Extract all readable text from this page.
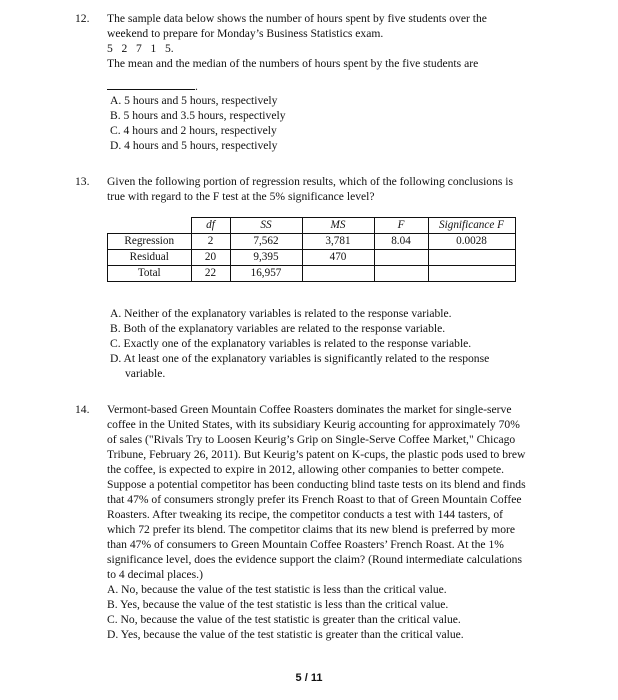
12. The sample data below shows the number of hours spent by five students over the
weekend to prepare for Monday’s Business Statistics exam.
5   2   7   1   5.
The mean and the median of the numbers of hours spent by the five students are
.
A. 5 hours and 5 hours, respectively
B. 5 hours and 3.5 hours, respectively
C. 4 hours and 2 hours, respectively
D. 4 hours and 5 hours, respectively
13. Given the following portion of regression results, which of the following conclusions is
true with regard to the F test at the 5% significance level?
	df	SS	MS	F	Significance F
Regression	2	7,562	3,781	8.04	0.0028
Residual	20	9,395	470		
Total	22	16,957			
A. Neither of the explanatory variables is related to the response variable.
B. Both of the explanatory variables are related to the response variable.
C. Exactly one of the explanatory variables is related to the response variable.
D. At least one of the explanatory variables is significantly related to the response
variable.
14. Vermont-based Green Mountain Coffee Roasters dominates the market for single-serve
coffee in the United States, with its subsidiary Keurig accounting for approximately 70%
of sales ("Rivals Try to Loosen Keurig’s Grip on Single-Serve Coffee Market," Chicago
Tribune, February 26, 2011). But Keurig’s patent on K-cups, the plastic pods used to brew
the coffee, is expected to expire in 2012, allowing other companies to better compete.
Suppose a potential competitor has been conducting blind taste tests on its blend and finds
that 47% of consumers strongly prefer its French Roast to that of Green Mountain Coffee
Roasters. After tweaking its recipe, the competitor conducts a test with 144 tasters, of
which 72 prefer its blend. The competitor claims that its new blend is preferred by more
than 47% of consumers to Green Mountain Coffee Roasters’ French Roast. At the 1%
significance level, does the evidence support the claim? (Round intermediate calculations
to 4 decimal places.)
A. No, because the value of the test statistic is less than the critical value.
B. Yes, because the value of the test statistic is less than the critical value.
C. No, because the value of the test statistic is greater than the critical value.
D. Yes, because the value of the test statistic is greater than the critical value.
5 / 11
